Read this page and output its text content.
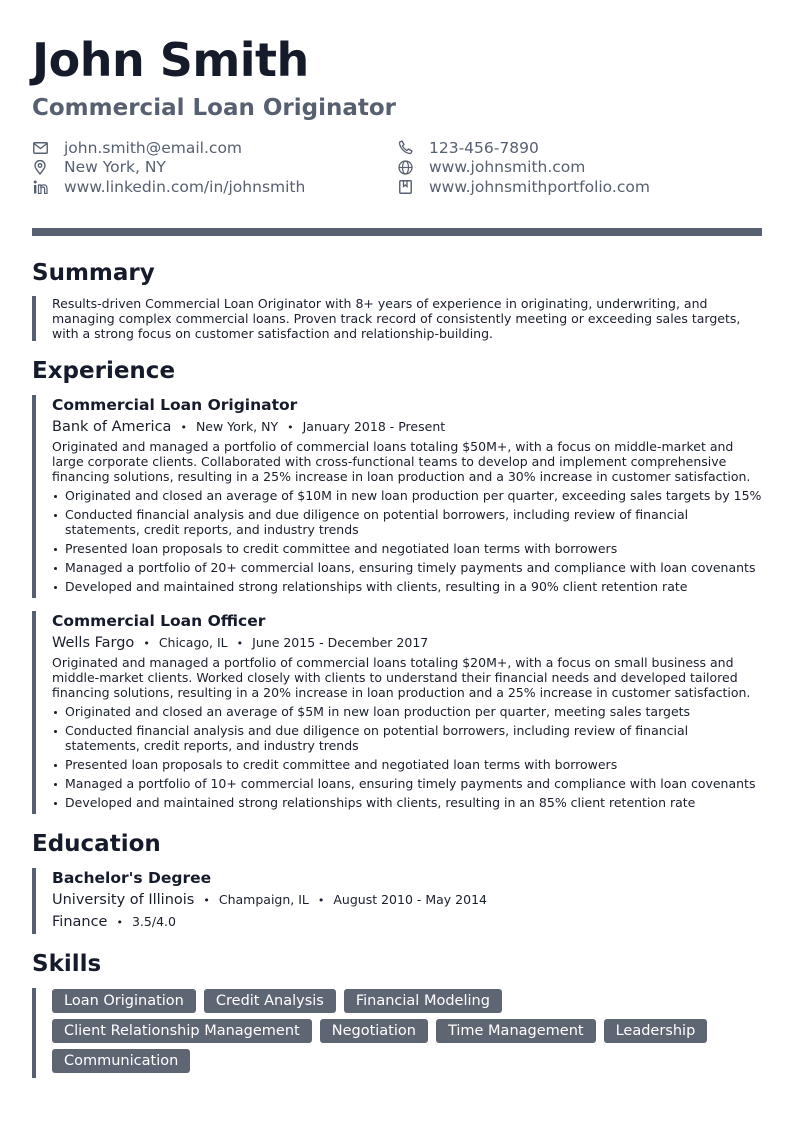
John Smith
Commercial Loan Originator
john.smith@email.com
New York, NY
www.linkedin.com/in/johnsmith
123-456-7890
www.johnsmith.com
www.johnsmithportfolio.com
Summary
Results-driven Commercial Loan Originator with 8+ years of experience in originating, underwriting, and managing complex commercial loans. Proven track record of consistently meeting or exceeding sales targets, with a strong focus on customer satisfaction and relationship-building.
Experience
Commercial Loan Originator
Bank of America • New York, NY • January 2018 - Present
Originated and managed a portfolio of commercial loans totaling $50M+, with a focus on middle-market and large corporate clients. Collaborated with cross-functional teams to develop and implement comprehensive financing solutions, resulting in a 25% increase in loan production and a 30% increase in customer satisfaction.
Originated and closed an average of $10M in new loan production per quarter, exceeding sales targets by 15%
Conducted financial analysis and due diligence on potential borrowers, including review of financial statements, credit reports, and industry trends
Presented loan proposals to credit committee and negotiated loan terms with borrowers
Managed a portfolio of 20+ commercial loans, ensuring timely payments and compliance with loan covenants
Developed and maintained strong relationships with clients, resulting in a 90% client retention rate
Commercial Loan Officer
Wells Fargo • Chicago, IL • June 2015 - December 2017
Originated and managed a portfolio of commercial loans totaling $20M+, with a focus on small business and middle-market clients. Worked closely with clients to understand their financial needs and developed tailored financing solutions, resulting in a 20% increase in loan production and a 25% increase in customer satisfaction.
Originated and closed an average of $5M in new loan production per quarter, meeting sales targets
Conducted financial analysis and due diligence on potential borrowers, including review of financial statements, credit reports, and industry trends
Presented loan proposals to credit committee and negotiated loan terms with borrowers
Managed a portfolio of 10+ commercial loans, ensuring timely payments and compliance with loan covenants
Developed and maintained strong relationships with clients, resulting in an 85% client retention rate
Education
Bachelor's Degree
University of Illinois • Champaign, IL • August 2010 - May 2014
Finance • 3.5/4.0
Skills
Loan Origination	Credit Analysis	Financial Modeling
Client Relationship Management	Negotiation	Time Management	Leadership
Communication
